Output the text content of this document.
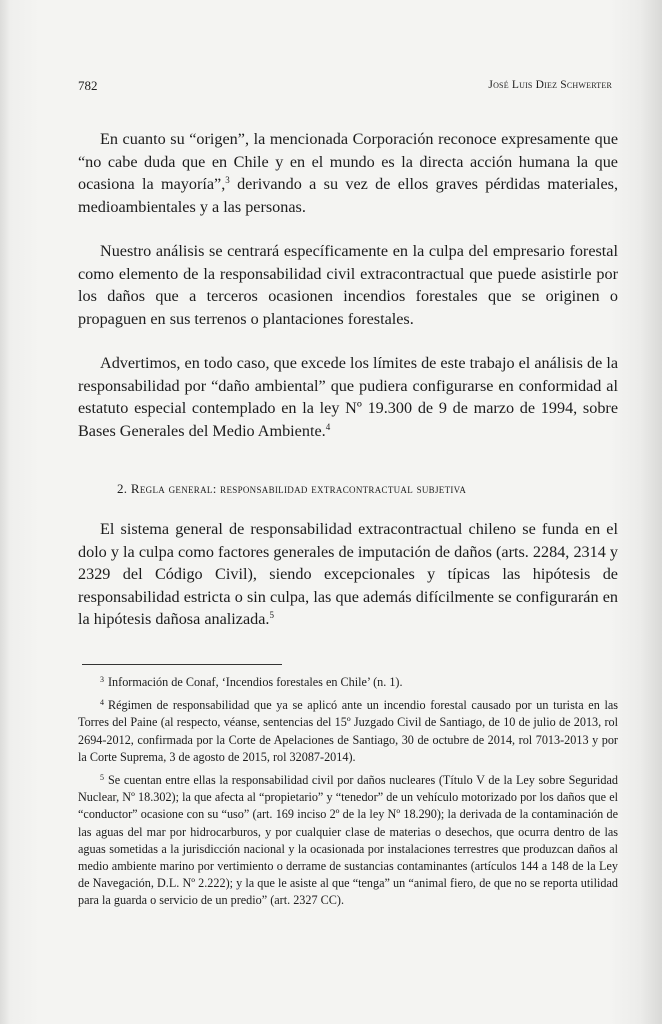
782	José Luis Diez Schwerter

En cuanto su “origen”, la mencionada Corporación reconoce expresamente que “no cabe duda que en Chile y en el mundo es la directa acción humana la que ocasiona la mayoría”,$^3$ derivando a su vez de ellos graves pérdidas materiales, medioambientales y a las personas.

Nuestro análisis se centrará específicamente en la culpa del empresario forestal como elemento de la responsabilidad civil extracontractual que puede asistirle por los daños que a terceros ocasionen incendios forestales que se originen o propaguen en sus terrenos o plantaciones forestales.

Advertimos, en todo caso, que excede los límites de este trabajo el análisis de la responsabilidad por “daño ambiental” que pudiera configurarse en conformidad al estatuto especial contemplado en la ley Nº 19.300 de 9 de marzo de 1994, sobre Bases Generales del Medio Ambiente.$^4$

2. Regla general: responsabilidad extracontractual subjetiva

El sistema general de responsabilidad extracontractual chileno se funda en el dolo y la culpa como factores generales de imputación de daños (arts. 2284, 2314 y 2329 del Código Civil), siendo excepcionales y típicas las hipótesis de responsabilidad estricta o sin culpa, las que además difícilmente se configurarán en la hipótesis dañosa analizada.$^5$

$^3$ Información de Conaf, ‘Incendios forestales en Chile’ (n. 1).

$^4$ Régimen de responsabilidad que ya se aplicó ante un incendio forestal causado por un turista en las Torres del Paine (al respecto, véanse, sentencias del 15º Juzgado Civil de Santiago, de 10 de julio de 2013, rol 2694-2012, confirmada por la Corte de Apelaciones de Santiago, 30 de octubre de 2014, rol 7013-2013 y por la Corte Suprema, 3 de agosto de 2015, rol 32087-2014).

$^5$ Se cuentan entre ellas la responsabilidad civil por daños nucleares (Título V de la Ley sobre Seguridad Nuclear, Nº 18.302); la que afecta al “propietario” y “tenedor” de un vehículo motorizado por los daños que el “conductor” ocasione con su “uso” (art. 169 inciso 2º de la ley Nº 18.290); la derivada de la contaminación de las aguas del mar por hidrocarburos, y por cualquier clase de materias o desechos, que ocurra dentro de las aguas sometidas a la jurisdicción nacional y la ocasionada por instalaciones terrestres que produzcan daños al medio ambiente marino por vertimiento o derrame de sustancias contaminantes (artículos 144 a 148 de la Ley de Navegación, D.L. Nº 2.222); y la que le asiste al que “tenga” un “animal fiero, de que no se reporta utilidad para la guarda o servicio de un predio” (art. 2327 CC).
